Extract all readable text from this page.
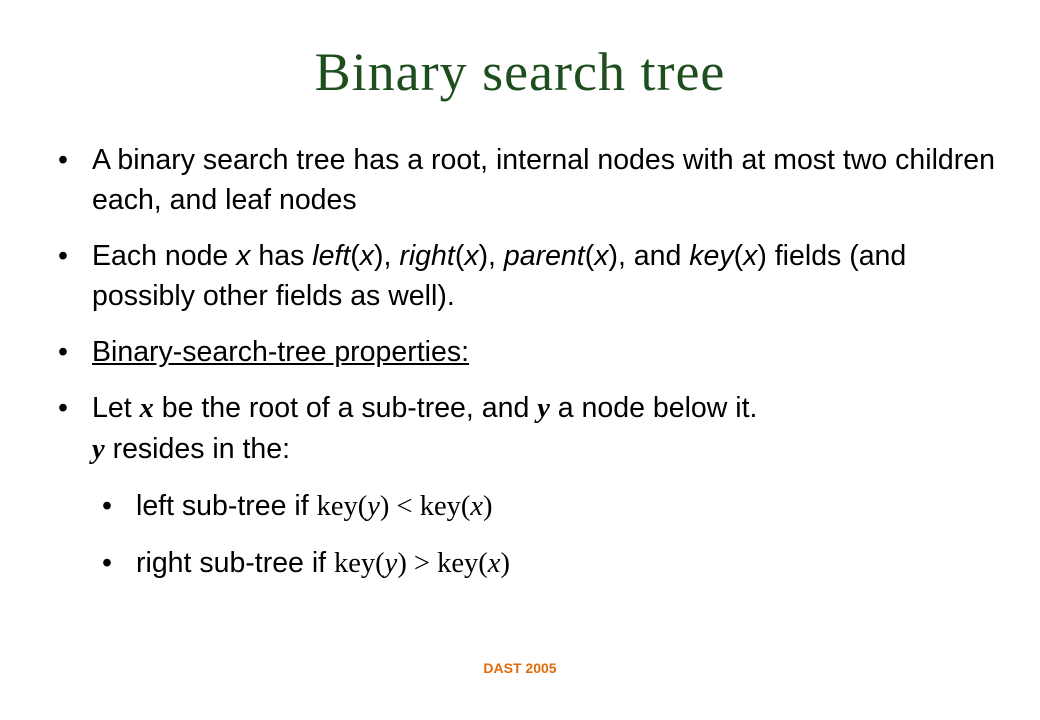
Binary search tree
• A binary search tree has a root, internal nodes with at most two children each, and leaf nodes
• Each node x has left(x), right(x), parent(x), and key(x) fields (and possibly other fields as well).
• Binary-search-tree properties:
• Let x be the root of a sub-tree, and y a node below it.
y resides in the:
• left sub-tree if key(y) < key(x)
• right sub-tree if key(y) > key(x)
DAST 2005
